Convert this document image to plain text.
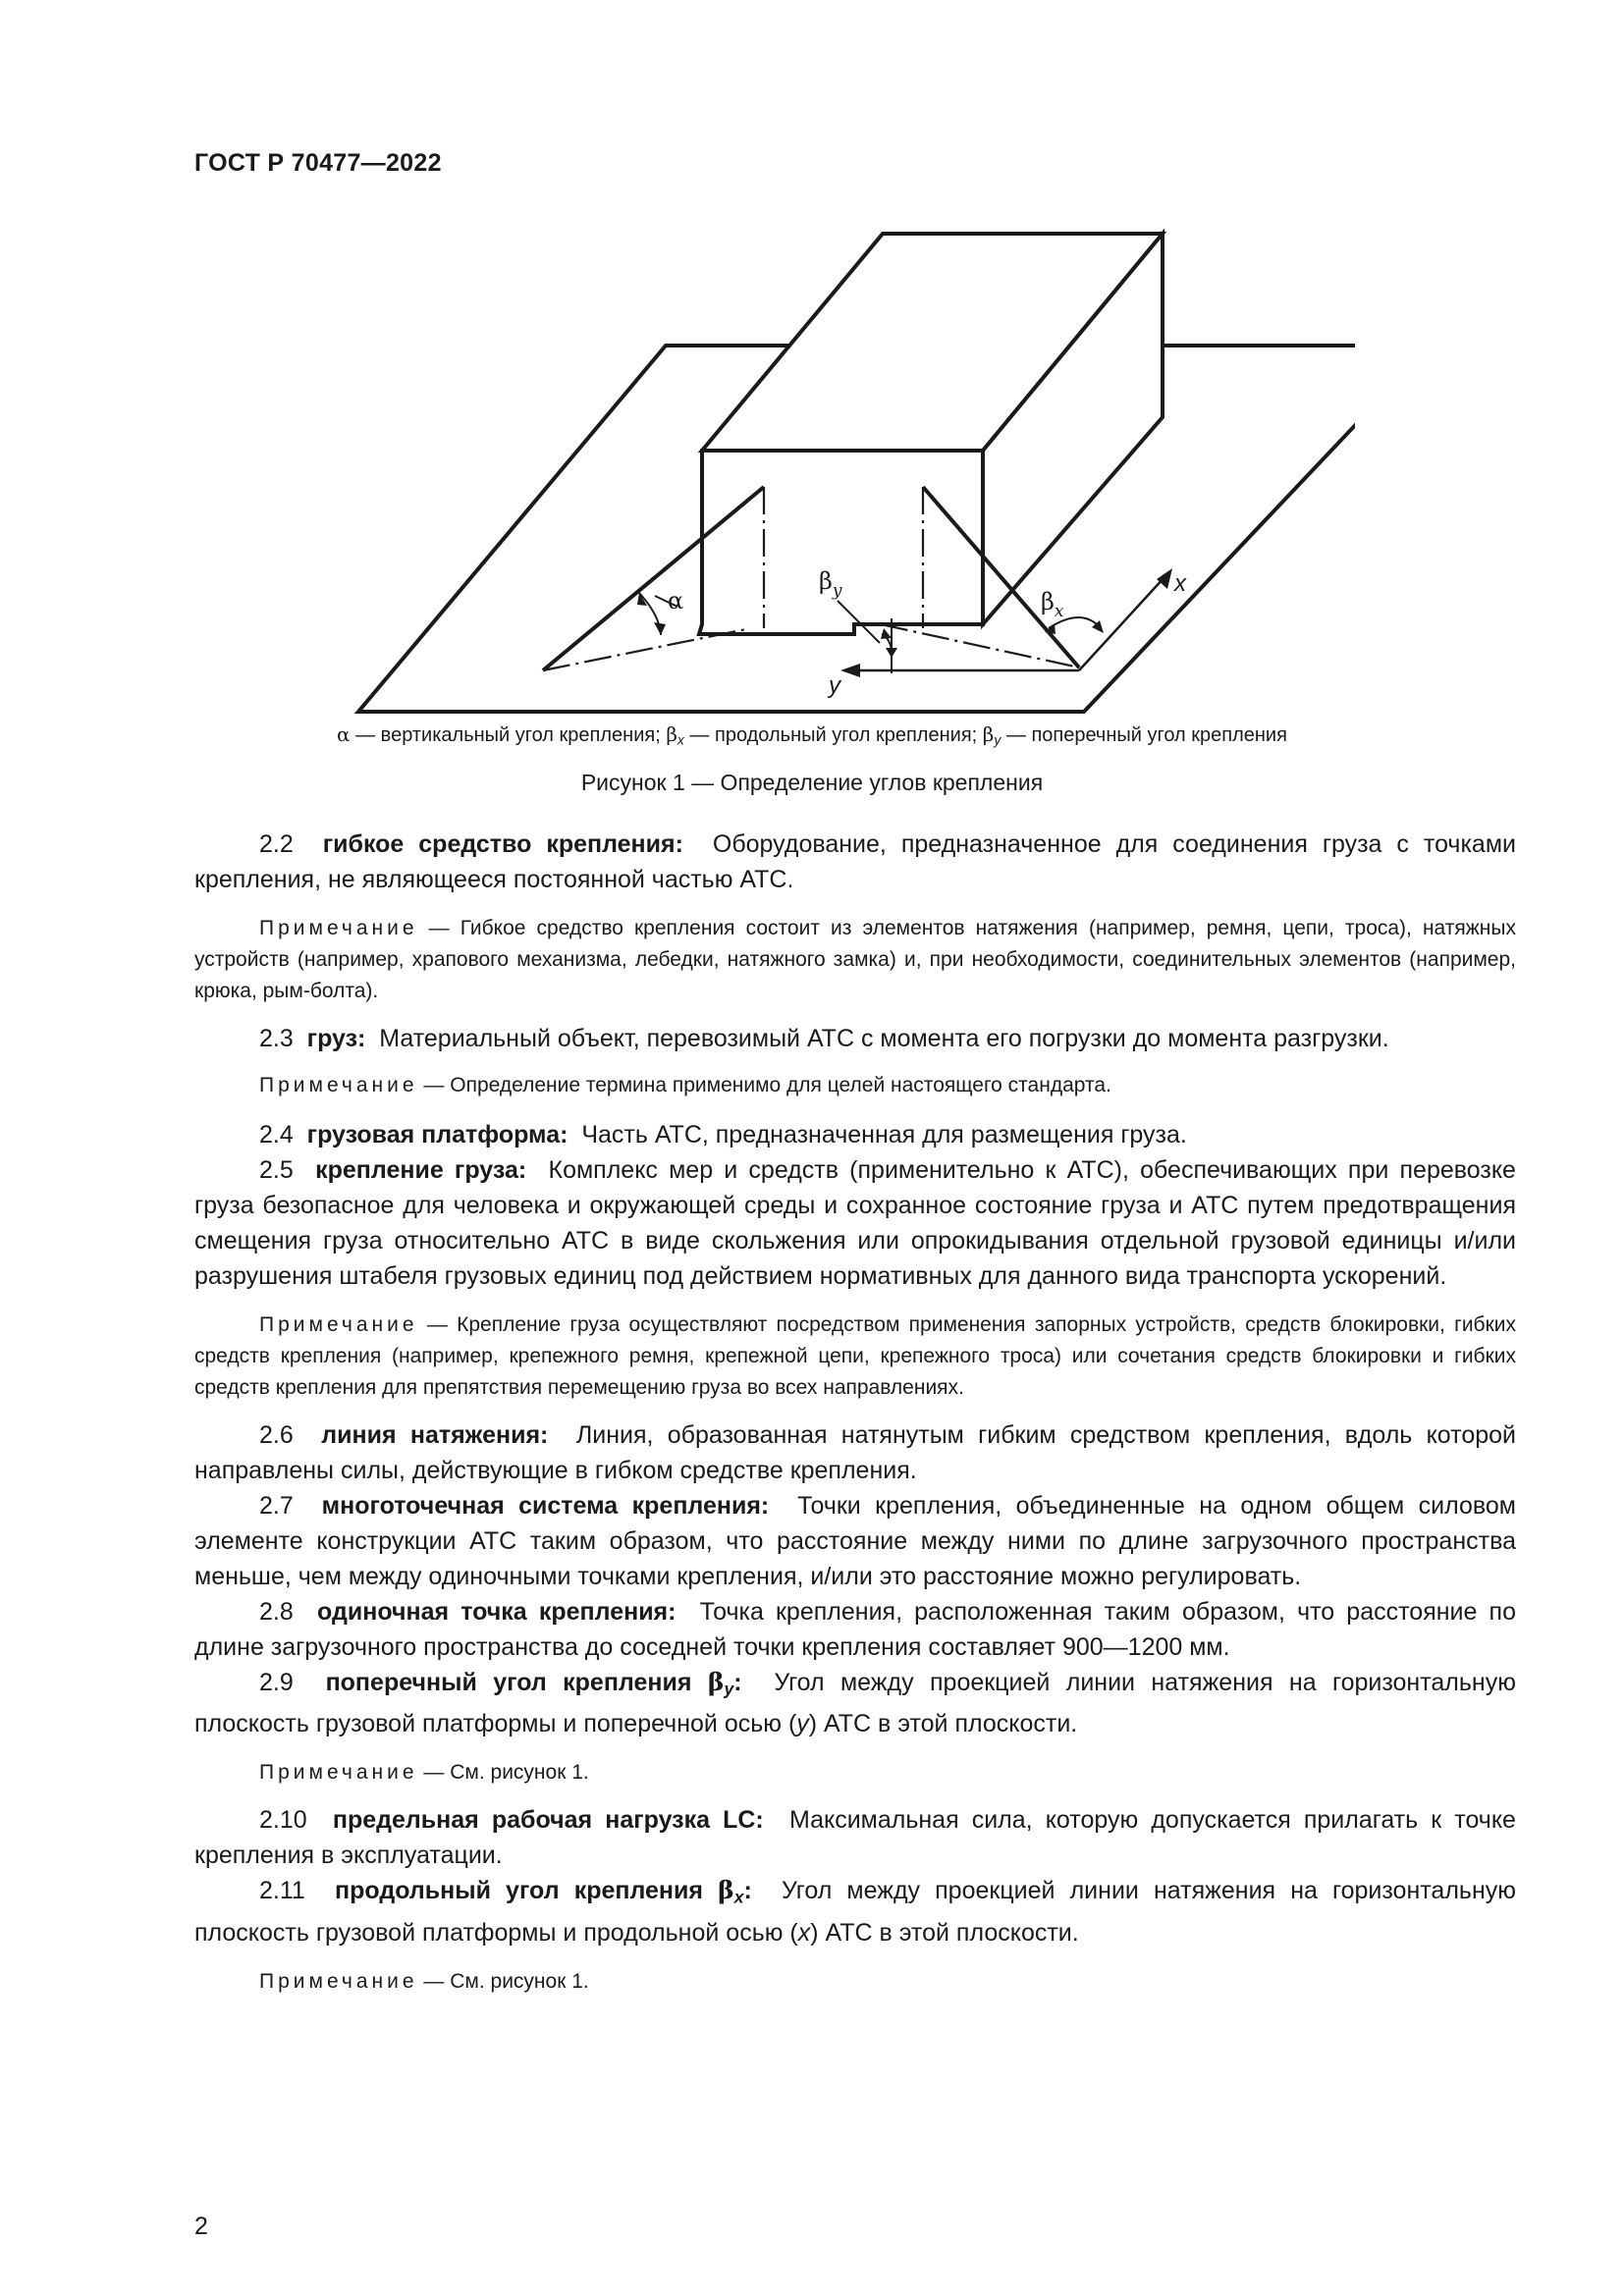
ГОСТ Р 70477—2022
α
$\beta_y$	$\beta_x$
x
y
α — вертикальный угол крепления; $\beta_x$ — продольный угол крепления; $\beta_y$ — поперечный угол крепления
Рисунок 1 — Определение углов крепления

2.2 гибкое средство крепления: Оборудование, предназначенное для соединения груза с точками крепления, не являющееся постоянной частью АТС.

Примечание — Гибкое средство крепления состоит из элементов натяжения (например, ремня, цепи, троса), натяжных устройств (например, храпового механизма, лебедки, натяжного замка) и, при необходимости, соединительных элементов (например, крюка, рым-болта).

2.3 груз: Материальный объект, перевозимый АТС с момента его погрузки до момента разгрузки.

Примечание — Определение термина применимо для целей настоящего стандарта.

2.4 грузовая платформа: Часть АТС, предназначенная для размещения груза.

2.5 крепление груза: Комплекс мер и средств (применительно к АТС), обеспечивающих при перевозке груза безопасное для человека и окружающей среды и сохранное состояние груза и АТС путем предотвращения смещения груза относительно АТС в виде скольжения или опрокидывания отдельной грузовой единицы и/или разрушения штабеля грузовых единиц под действием нормативных для данного вида транспорта ускорений.

Примечание — Крепление груза осуществляют посредством применения запорных устройств, средств блокировки, гибких средств крепления (например, крепежного ремня, крепежной цепи, крепежного троса) или сочетания средств блокировки и гибких средств крепления для препятствия перемещению груза во всех направлениях.

2.6 линия натяжения: Линия, образованная натянутым гибким средством крепления, вдоль которой направлены силы, действующие в гибком средстве крепления.

2.7 многоточечная система крепления: Точки крепления, объединенные на одном общем силовом элементе конструкции АТС таким образом, что расстояние между ними по длине загрузочного пространства меньше, чем между одиночными точками крепления, и/или это расстояние можно регулировать.

2.8 одиночная точка крепления: Точка крепления, расположенная таким образом, что расстояние по длине загрузочного пространства до соседней точки крепления составляет 900—1200 мм.

2.9 поперечный угол крепления $\beta_y$: Угол между проекцией линии натяжения на горизонтальную плоскость грузовой платформы и поперечной осью (y) АТС в этой плоскости.

Примечание — См. рисунок 1.

2.10 предельная рабочая нагрузка LC: Максимальная сила, которую допускается прилагать к точке крепления в эксплуатации.

2.11 продольный угол крепления $\beta_x$: Угол между проекцией линии натяжения на горизонтальную плоскость грузовой платформы и продольной осью (x) АТС в этой плоскости.

Примечание — См. рисунок 1.

2
